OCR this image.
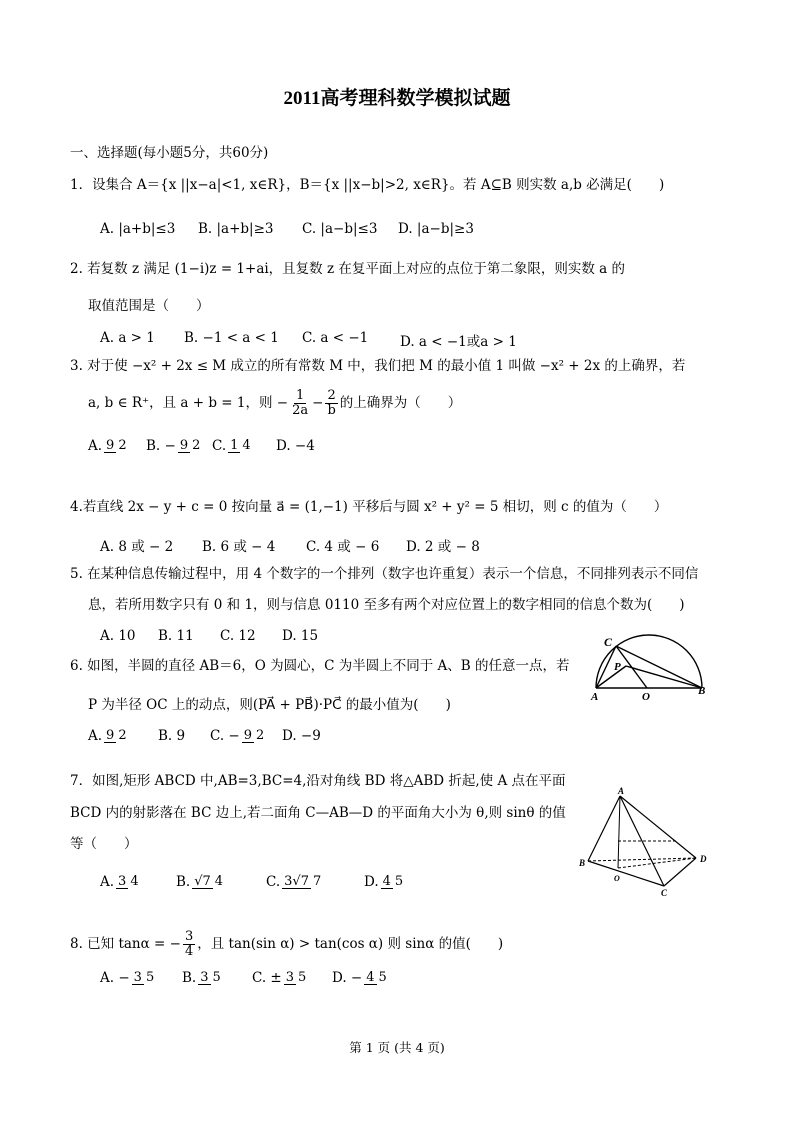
2011高考理科数学模拟试题
一、选择题(每小题5分，共60分)
1．设集合 A＝{x ||x−a|<1, x∈R}，B＝{x ||x−b|>2, x∈R}。若 A⊆B 则实数 a,b 必满足(　　)
A. |a+b|≤3	B. |a+b|≥3	C. |a−b|≤3	D. |a−b|≥3
2. 若复数 z 满足 (1−i)z = 1+ai，且复数 z 在复平面上对应的点位于第二象限，则实数 a 的
取值范围是（　　）
A. a > 1	B. −1 < a < 1	C. a < −1	D. a < −1或a > 1
3. 对于使 −x² + 2x ≤ M 成立的所有常数 M 中，我们把 M 的最小值 1 叫做 −x² + 2x 的上确界，若
a, b ∈ R⁺，且 a + b = 1，则 − $\frac{1}{2a} - \frac{2}{b}$ 的上确界为（　　）
A. 9 2 B. − 9 2 C. 1 4 D. −4
4.若直线 2x − y + c = 0 按向量 a⃗ = (1,−1) 平移后与圆 x² + y² = 5 相切，则 c 的值为（　　）
A. 8 或 − 2	B. 6 或 − 4	C. 4 或 − 6	D. 2 或 − 8
5. 在某种信息传输过程中，用 4 个数字的一个排列（数字也许重复）表示一个信息，不同排列表示不同信
息，若所用数字只有 0 和 1，则与信息 0110 至多有两个对应位置上的数字相同的信息个数为(　　)
A. 10	B. 11	C. 12	D. 15
6. 如图，半圆的直径 AB＝6，O 为圆心，C 为半圆上不同于 A、B 的任意一点，若
P 为半径 OC 上的动点，则(PA⃗ + PB⃗)·PC⃗ 的最小值为(　　)
A. 9 2 B. 9	C. − 9 2 D. −9
C
P
A	O	B
7．如图,矩形 ABCD 中,AB=3,BC=4,沿对角线 BD 将△ABD 折起,使 A 点在平面
BCD 内的射影落在 BC 边上,若二面角 C—AB—D 的平面角大小为 θ,则 sinθ 的值
等（　　）
A. 3 4	B. √7 4	C. 3√7 7	D. 4 5
A
B
O
C
D
8. 已知 tanα = − $\frac{3}{4}$ ，且 tan(sin α) > tan(cos α) 则 sinα 的值(　　)
A. − 3 5 B. 3 5 C. ± 3 5 D. − 4 5
第 1 页 (共 4 页)
